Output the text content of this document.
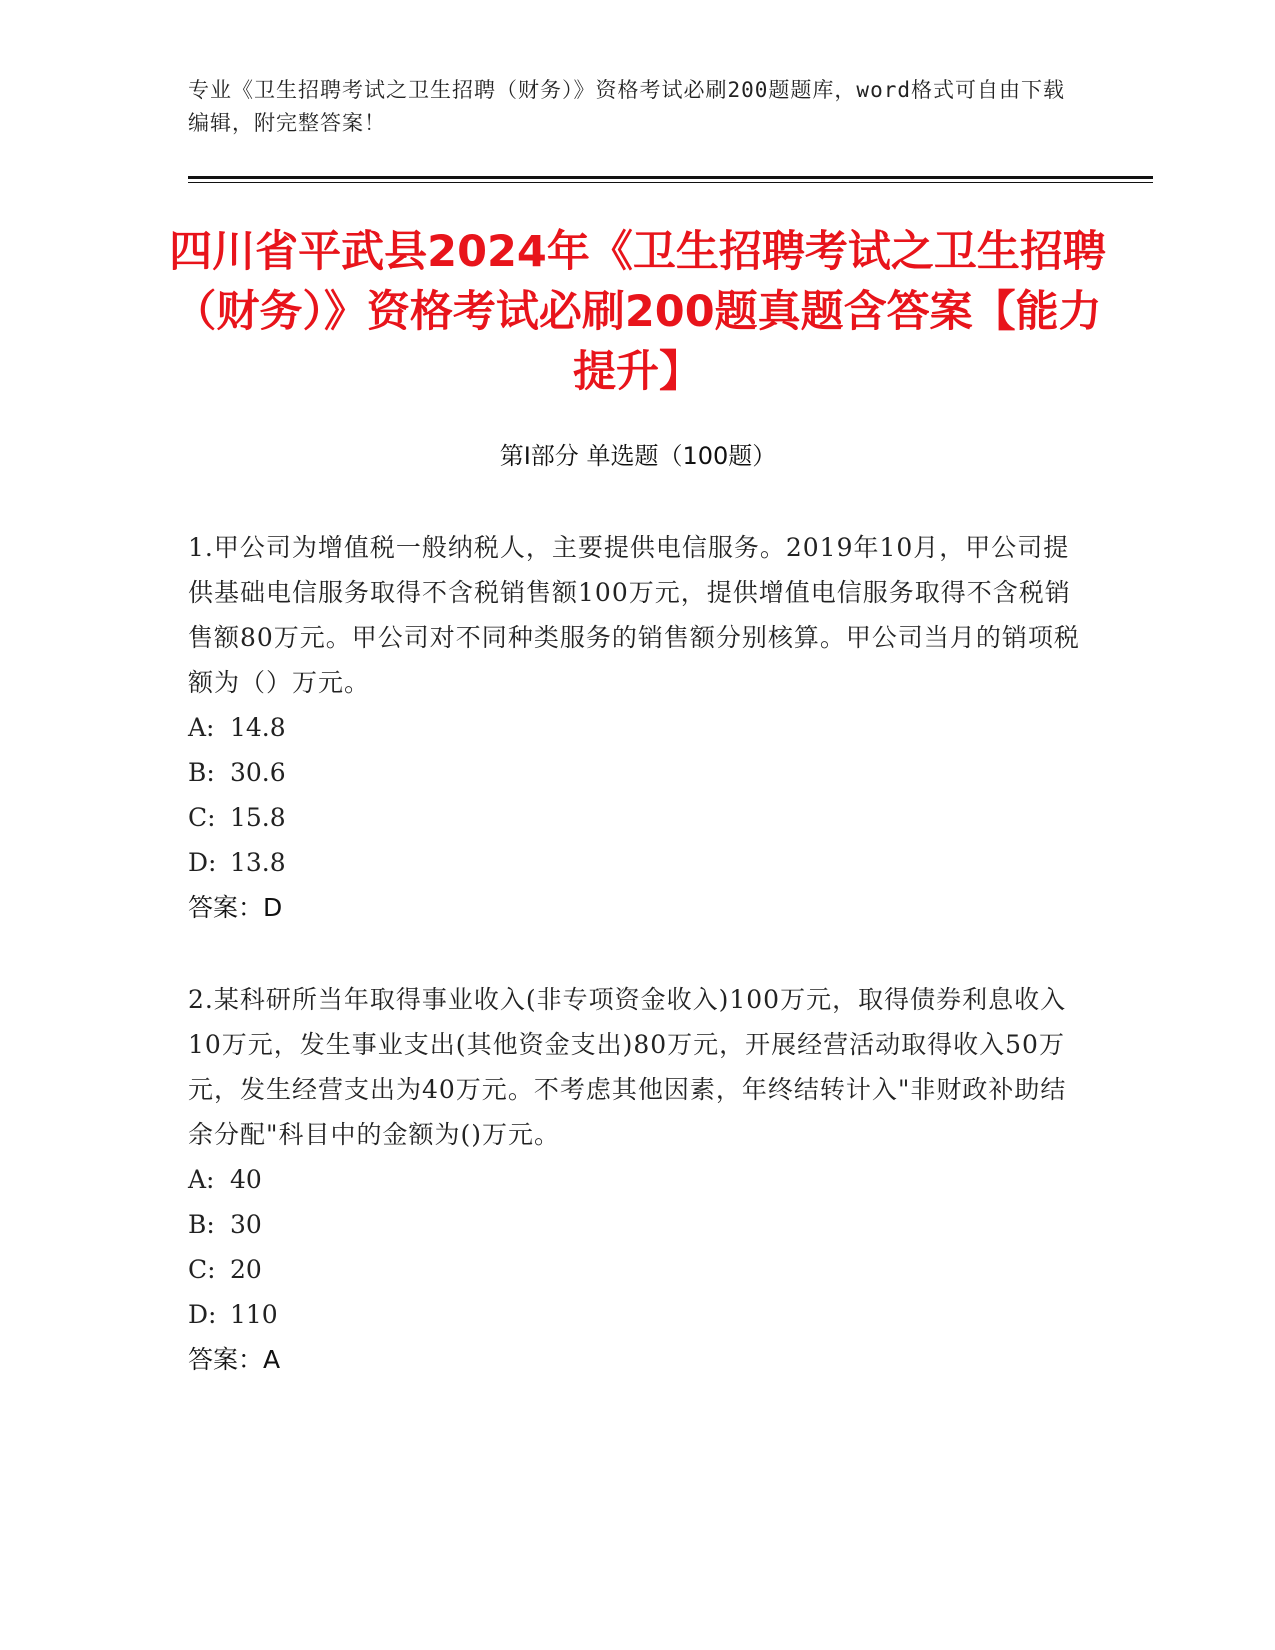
专业《卫生招聘考试之卫生招聘（财务）》资格考试必刷200题题库，word格式可自由下载编辑，附完整答案！
四川省平武县2024年《卫生招聘考试之卫生招聘（财务）》资格考试必刷200题真题含答案【能力提升】
第I部分 单选题（100题）

1.甲公司为增值税一般纳税人，主要提供电信服务。2019年10月，甲公司提供基础电信服务取得不含税销售额100万元，提供增值电信服务取得不含税销售额80万元。甲公司对不同种类服务的销售额分别核算。甲公司当月的销项税额为（）万元。

A: 14.8

B: 30.6

C: 15.8

D: 13.8

答案：D

2.某科研所当年取得事业收入(非专项资金收入)100万元，取得债券利息收入10万元，发生事业支出(其他资金支出)80万元，开展经营活动取得收入50万元，发生经营支出为40万元。不考虑其他因素，年终结转计入"非财政补助结余分配"科目中的金额为()万元。

A: 40

B: 30

C: 20

D: 110

答案：A
